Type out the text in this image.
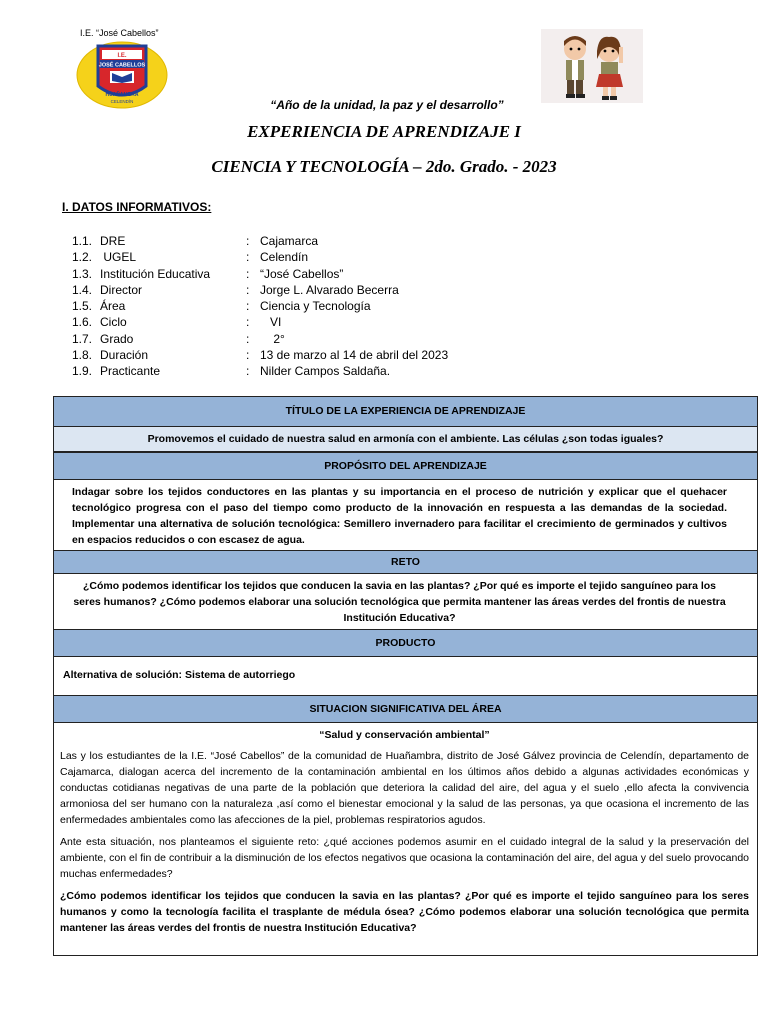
I.E. “José Cabellos”
I.E.
JOSÉ CABELLOS
HUAÑAMBRA
CELENDÍN	“Año de la unidad, la paz y el desarrollo”
EXPERIENCIA DE APRENDIZAJE I
CIENCIA Y TECNOLOGÍA – 2do. Grado. - 2023
I. DATOS INFORMATIVOS:
1.1. DRE	: Cajamarca
1.2. UGEL	: Celendín
1.3. Institución Educativa	: “José Cabellos”
1.4. Director	: Jorge L. Alvarado Becerra
1.5. Área	: Ciencia y Tecnología
1.6. Ciclo	: VI
1.7. Grado	: 2°
1.8. Duración	: 13 de marzo al 14 de abril del 2023
1.9. Practicante	: Nilder Campos Saldaña.
TÍTULO DE LA EXPERIENCIA DE APRENDIZAJE
Promovemos el cuidado de nuestra salud en armonía con el ambiente. Las células ¿son todas iguales?
PROPÓSITO DEL APRENDIZAJE
Indagar sobre los tejidos conductores en las plantas y su importancia en el proceso de nutrición y explicar que el quehacer tecnológico progresa con el paso del tiempo como producto de la innovación en respuesta a las demandas de la sociedad. Implementar una alternativa de solución tecnológica: Semillero invernadero para facilitar el crecimiento de germinados y cultivos en espacios reducidos o con escasez de agua.
RETO
¿Cómo podemos identificar los tejidos que conducen la savia en las plantas? ¿Por qué es importe el tejido sanguíneo para los seres humanos? ¿Cómo podemos elaborar una solución tecnológica que permita mantener las áreas verdes del frontis de nuestra Institución Educativa?
PRODUCTO
Alternativa de solución: Sistema de autorriego
SITUACION SIGNIFICATIVA DEL ÁREA

“Salud y conservación ambiental”

Las y los estudiantes de la I.E. “José Cabellos” de la comunidad de Huañambra, distrito de José Gálvez provincia de Celendín, departamento de Cajamarca, dialogan acerca del incremento de la contaminación ambiental en los últimos años debido a algunas actividades económicas y conductas cotidianas negativas de una parte de la población que deteriora la calidad del aire, del agua y el suelo ,ello afecta la convivencia armoniosa del ser humano con la naturaleza ,así como el bienestar emocional y la salud de las personas, ya que ocasiona el incremento de las enfermedades ambientales como las afecciones de la piel, problemas respiratorios agudos.

Ante esta situación, nos planteamos el siguiente reto: ¿qué acciones podemos asumir en el cuidado integral de la salud y la preservación del ambiente, con el fin de contribuir a la disminución de los efectos negativos que ocasiona la contaminación del aire, del agua y del suelo provocando muchas enfermedades?

¿Cómo podemos identificar los tejidos que conducen la savia en las plantas? ¿Por qué es importe el tejido sanguíneo para los seres humanos y como la tecnología facilita el trasplante de médula ósea? ¿Cómo podemos elaborar una solución tecnológica que permita mantener las áreas verdes del frontis de nuestra Institución Educativa?
